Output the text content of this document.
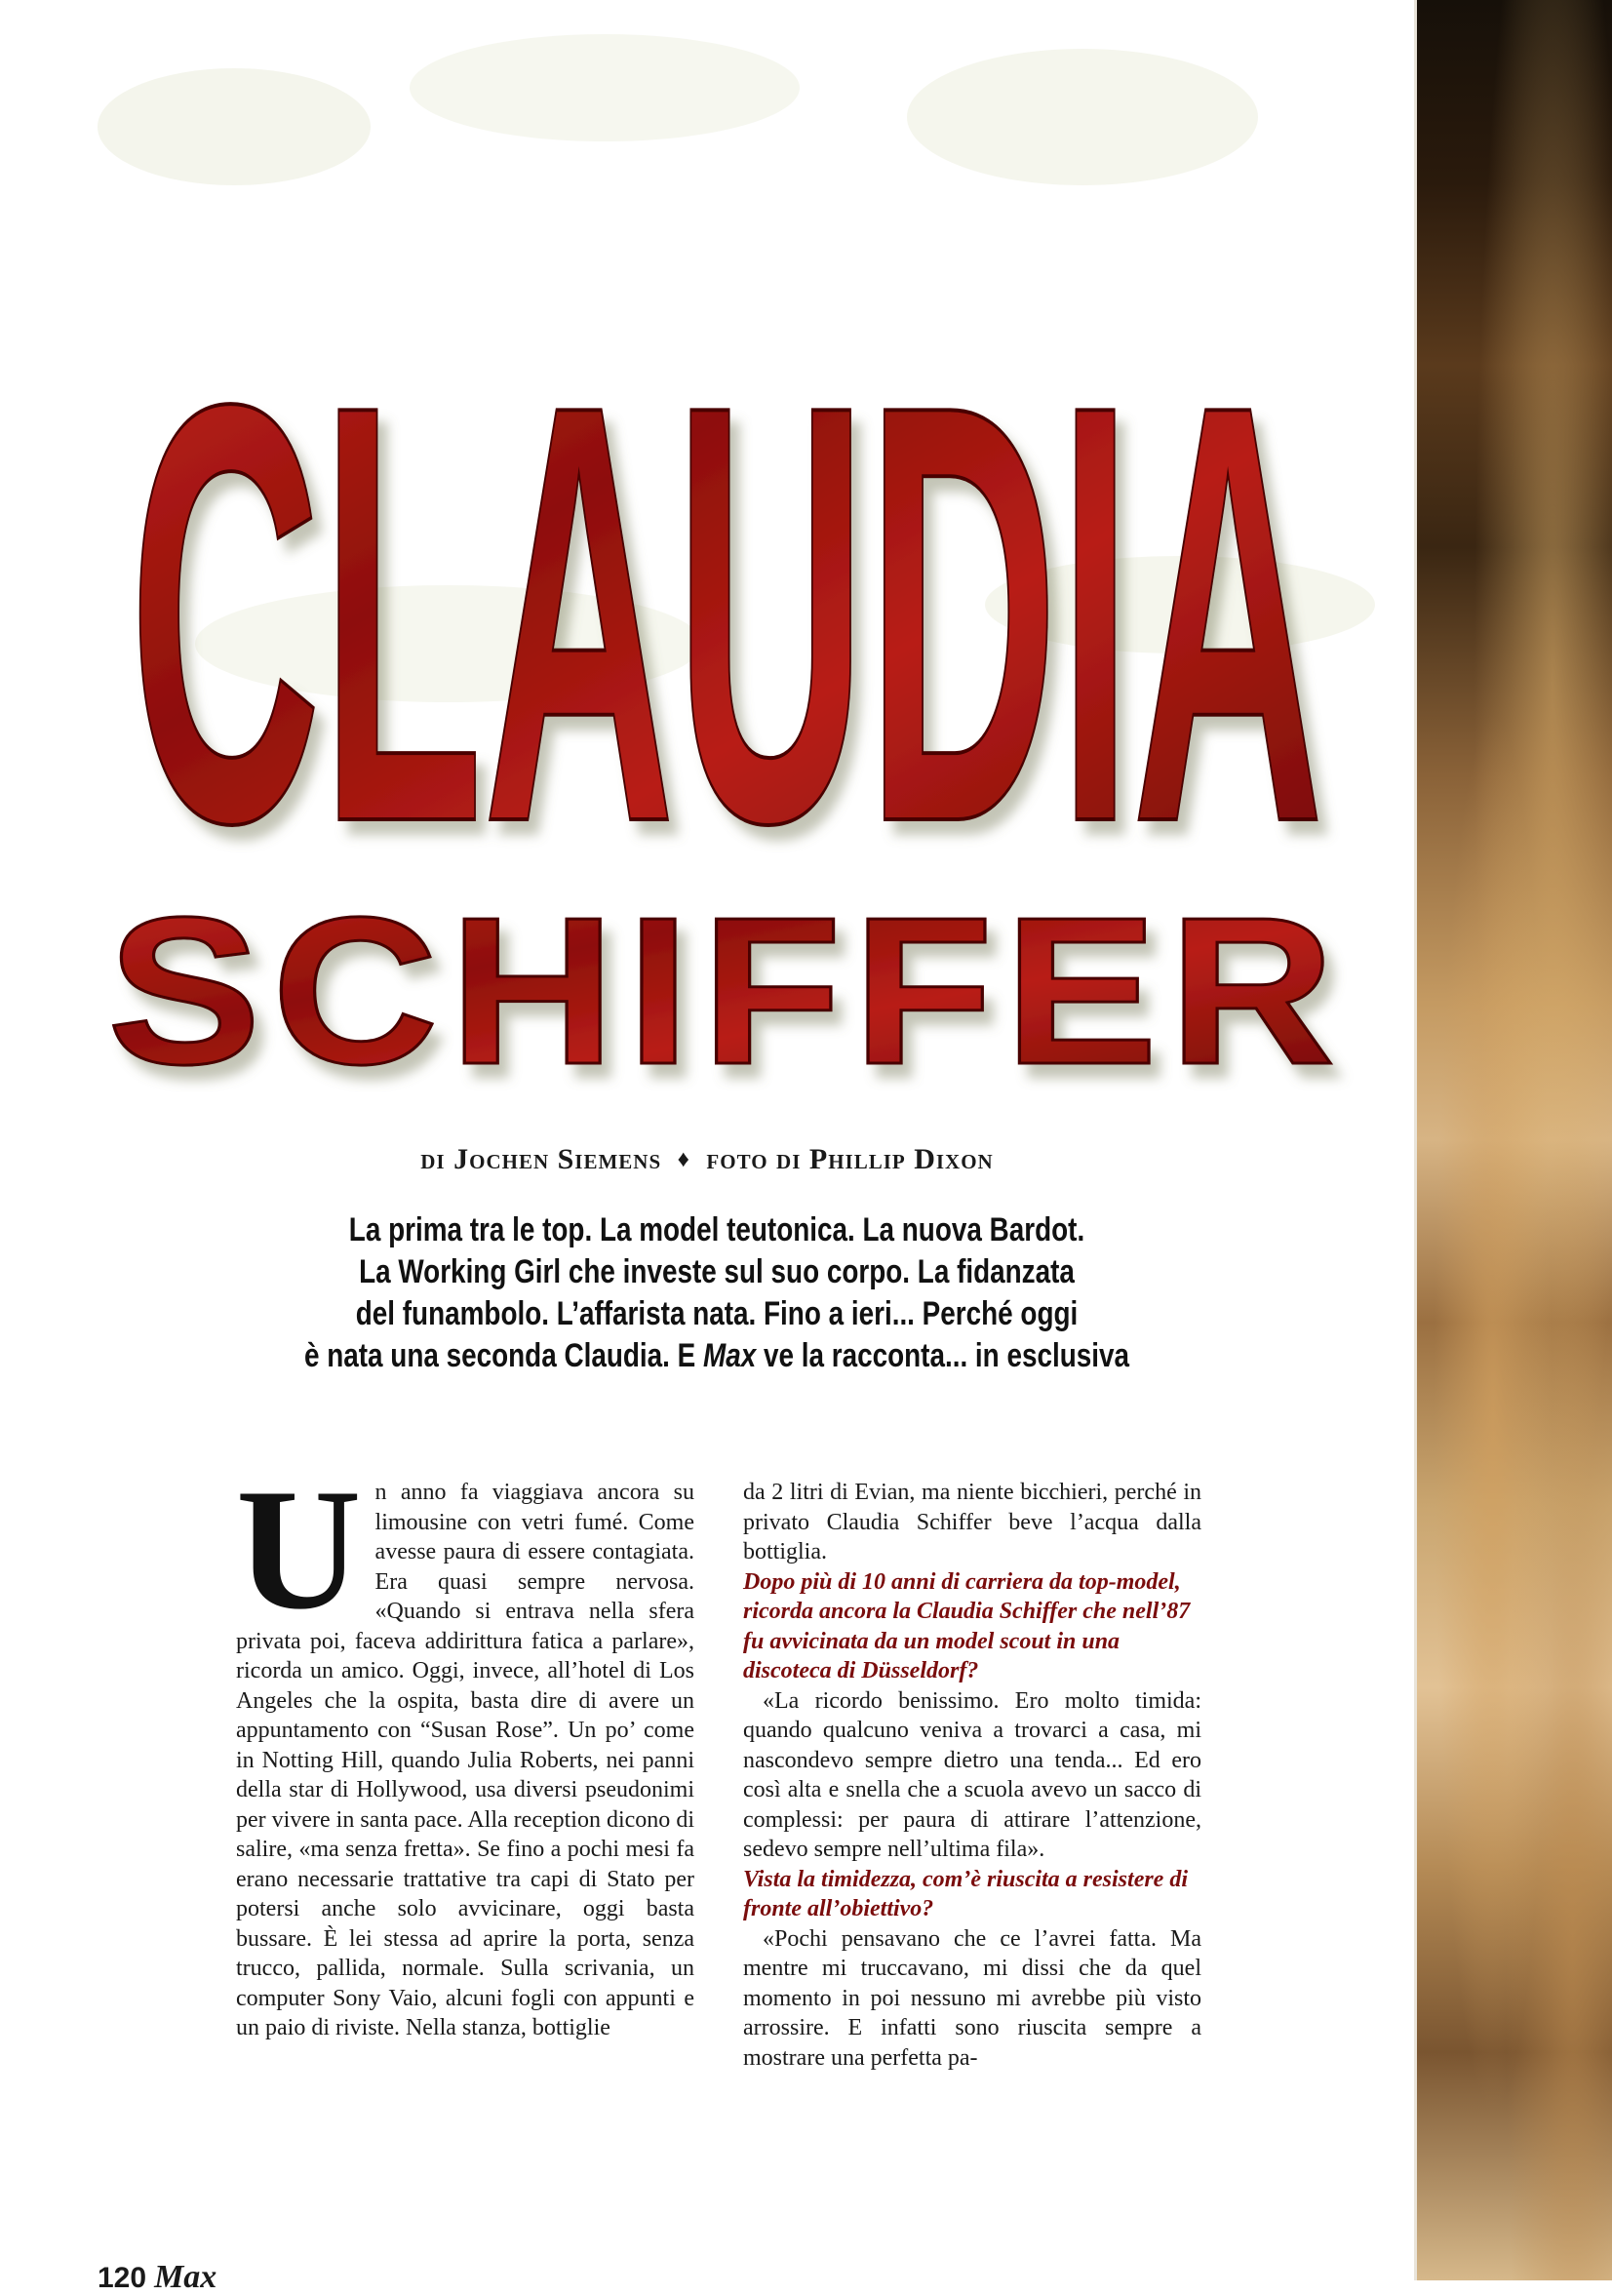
CLAUDIA
SCHIFFER
di Jochen Siemens ♦ foto di Phillip Dixon
La prima tra le top. La model teutonica. La nuova Bardot.
La Working Girl che investe sul suo corpo. La fidanzata
del funambolo. L’affarista nata. Fino a ieri... Perché oggi
è nata una seconda Claudia. E Max ve la racconta... in esclusiva
U n anno fa viaggiava ancora su limousine con vetri fumé. Come avesse paura di essere contagiata. Era quasi sempre nervosa. «Quando si entrava nella sfera privata poi, faceva addirittura fatica a parlare», ricorda un amico. Oggi, invece, all’hotel di Los Angeles che la ospita, basta dire di avere un appuntamento con “Susan Rose”. Un po’ come in Notting Hill, quando Julia Roberts, nei panni della star di Hollywood, usa diversi pseudonimi per vivere in santa pace. Alla reception dicono di salire, «ma senza fretta». Se fino a pochi mesi fa erano necessarie trattative tra capi di Stato per potersi anche solo avvicinare, oggi basta bussare. È lei stessa ad aprire la porta, senza trucco, pallida, normale. Sulla scrivania, un computer Sony Vaio, alcuni fogli con appunti e un paio di riviste. Nella stanza, bottiglie

da 2 litri di Evian, ma niente bicchieri, perché in privato Claudia Schiffer beve l’acqua dalla bottiglia.

Dopo più di 10 anni di carriera da top-model, ricorda ancora la Claudia Schiffer che nell’87 fu avvicinata da un model scout in una discoteca di Düsseldorf?

«La ricordo benissimo. Ero molto timida: quando qualcuno veniva a trovarci a casa, mi nascondevo sempre dietro una tenda... Ed ero così alta e snella che a scuola avevo un sacco di complessi: per paura di attirare l’attenzione, sedevo sempre nell’ultima fila».

Vista la timidezza, com’è riuscita a resistere di fronte all’obiettivo?

«Pochi pensavano che ce l’avrei fatta. Ma mentre mi truccavano, mi dissi che da quel momento in poi nessuno mi avrebbe più visto arrossire. E infatti sono riuscita sempre a mostrare una perfetta pa-

120 Max
